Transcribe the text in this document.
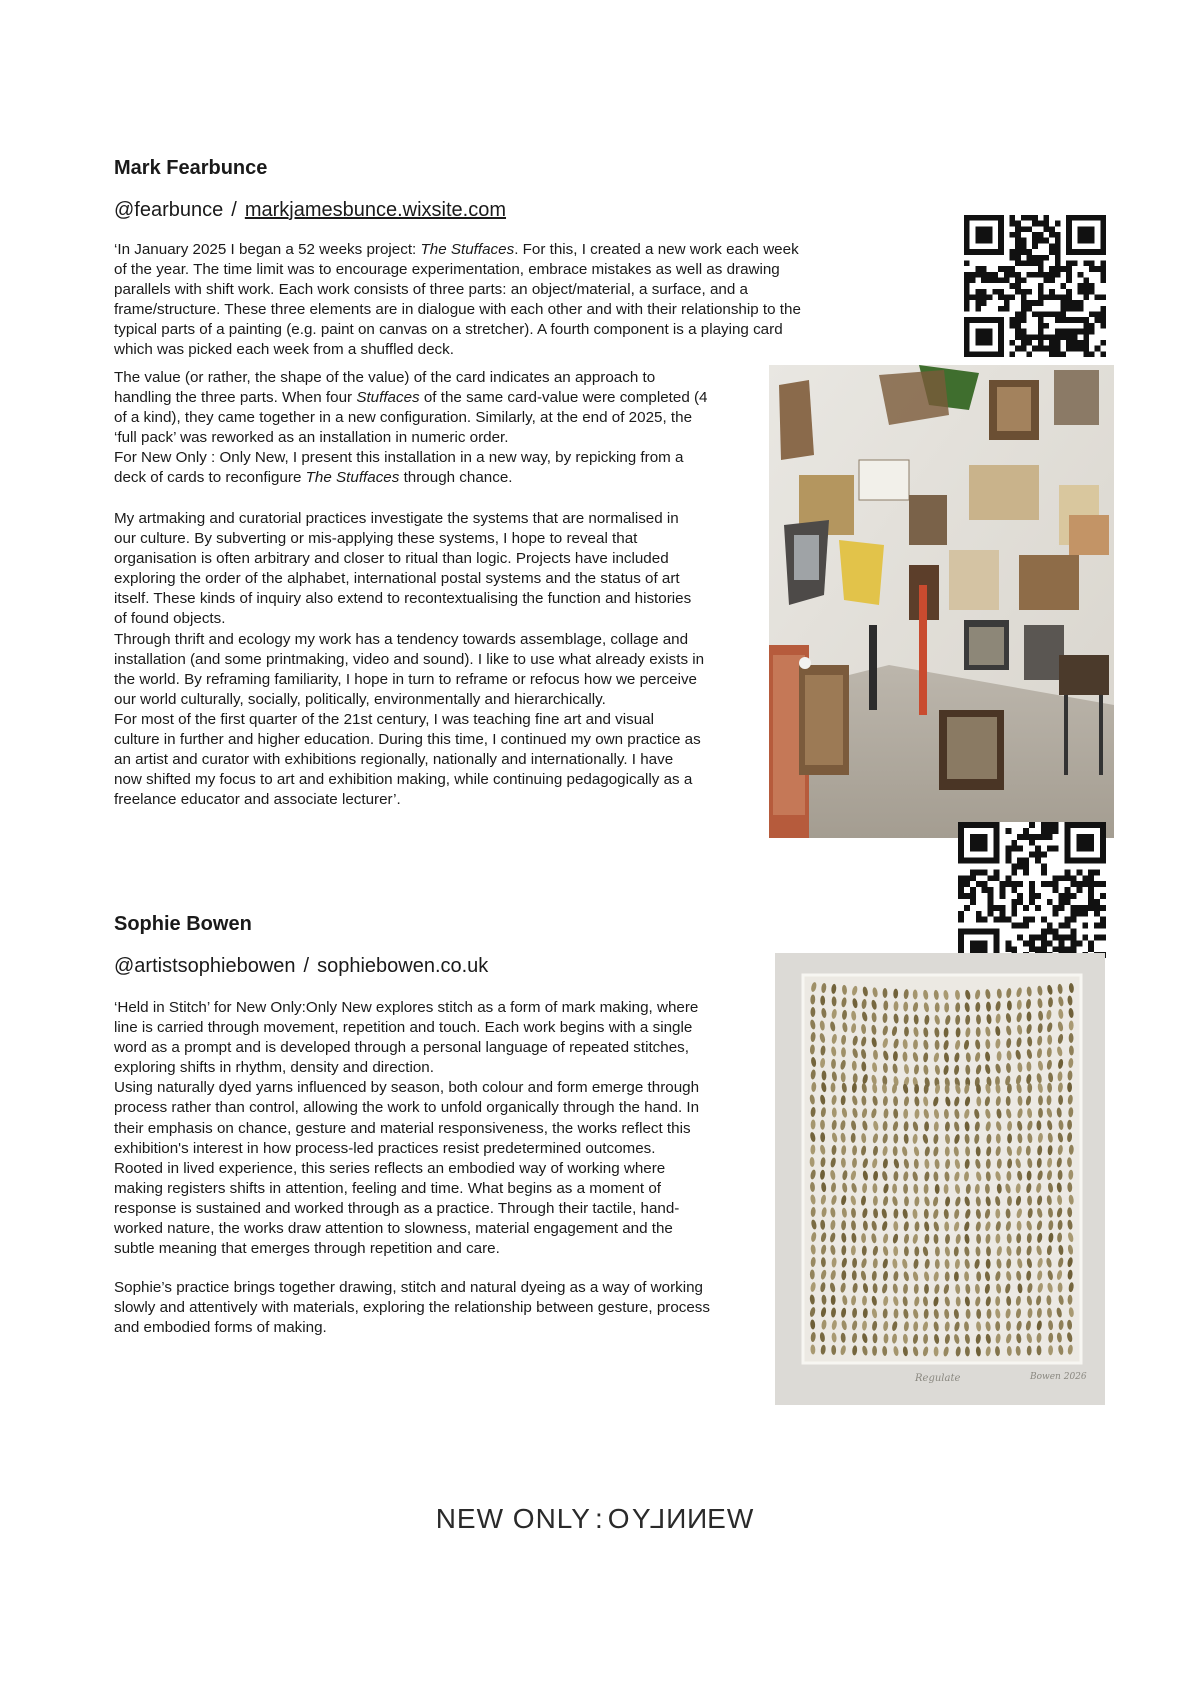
Mark Fearbunce
@fearbunce / markjamesbunce.wixsite.com
‘In January 2025 I began a 52 weeks project: The Stuffaces. For this, I created a new work each week
of the year. The time limit was to encourage experimentation, embrace mistakes as well as drawing
parallels with shift work. Each work consists of three parts: an object/material, a surface, and a
frame/structure. These three elements are in dialogue with each other and with their relationship to the
typical parts of a painting (e.g. paint on canvas on a stretcher). A fourth component is a playing card
which was picked each week from a shuffled deck.
The value (or rather, the shape of the value) of the card indicates an approach to
handling the three parts. When four Stuffaces of the same card-value were completed (4
of a kind), they came together in a new configuration. Similarly, at the end of 2025, the
‘full pack’ was reworked as an installation in numeric order.
For New Only : Only New, I present this installation in a new way, by repicking from a
deck of cards to reconfigure The Stuffaces through chance.
My artmaking and curatorial practices investigate the systems that are normalised in
our culture. By subverting or mis-applying these systems, I hope to reveal that
organisation is often arbitrary and closer to ritual than logic. Projects have included
exploring the order of the alphabet, international postal systems and the status of art
itself. These kinds of inquiry also extend to recontextualising the function and histories
of found objects.
Through thrift and ecology my work has a tendency towards assemblage, collage and
installation (and some printmaking, video and sound). I like to use what already exists in
the world. By reframing familiarity, I hope in turn to reframe or refocus how we perceive
our world culturally, socially, politically, environmentally and hierarchically.
For most of the first quarter of the 21st century, I was teaching fine art and visual
culture in further and higher education. During this time, I continued my own practice as
an artist and curator with exhibitions regionally, nationally and internationally. I have
now shifted my focus to art and exhibition making, while continuing pedagogically as a
freelance educator and associate lecturer’.
Sophie Bowen
@artistsophiebowen / sophiebowen.co.uk
‘Held in Stitch’ for New Only:Only New explores stitch as a form of mark making, where
line is carried through movement, repetition and touch. Each work begins with a single
word as a prompt and is developed through a personal language of repeated stitches,
exploring shifts in rhythm, density and direction.
Using naturally dyed yarns influenced by season, both colour and form emerge through
process rather than control, allowing the work to unfold organically through the hand. In
their emphasis on chance, gesture and material responsiveness, the works reflect this
exhibition's interest in how process-led practices resist predetermined outcomes.
Rooted in lived experience, this series reflects an embodied way of working where
making registers shifts in attention, feeling and time. What begins as a moment of
response is sustained and worked through as a practice. Through their tactile, hand-
worked nature, the works draw attention to slowness, material engagement and the
subtle meaning that emerges through repetition and care.
Sophie’s practice brings together drawing, stitch and natural dyeing as a way of working
slowly and attentively with materials, exploring the relationship between gesture, process
and embodied forms of making.
Regulate	Bowen 2026
NEW ONLY : ONLYNEW
